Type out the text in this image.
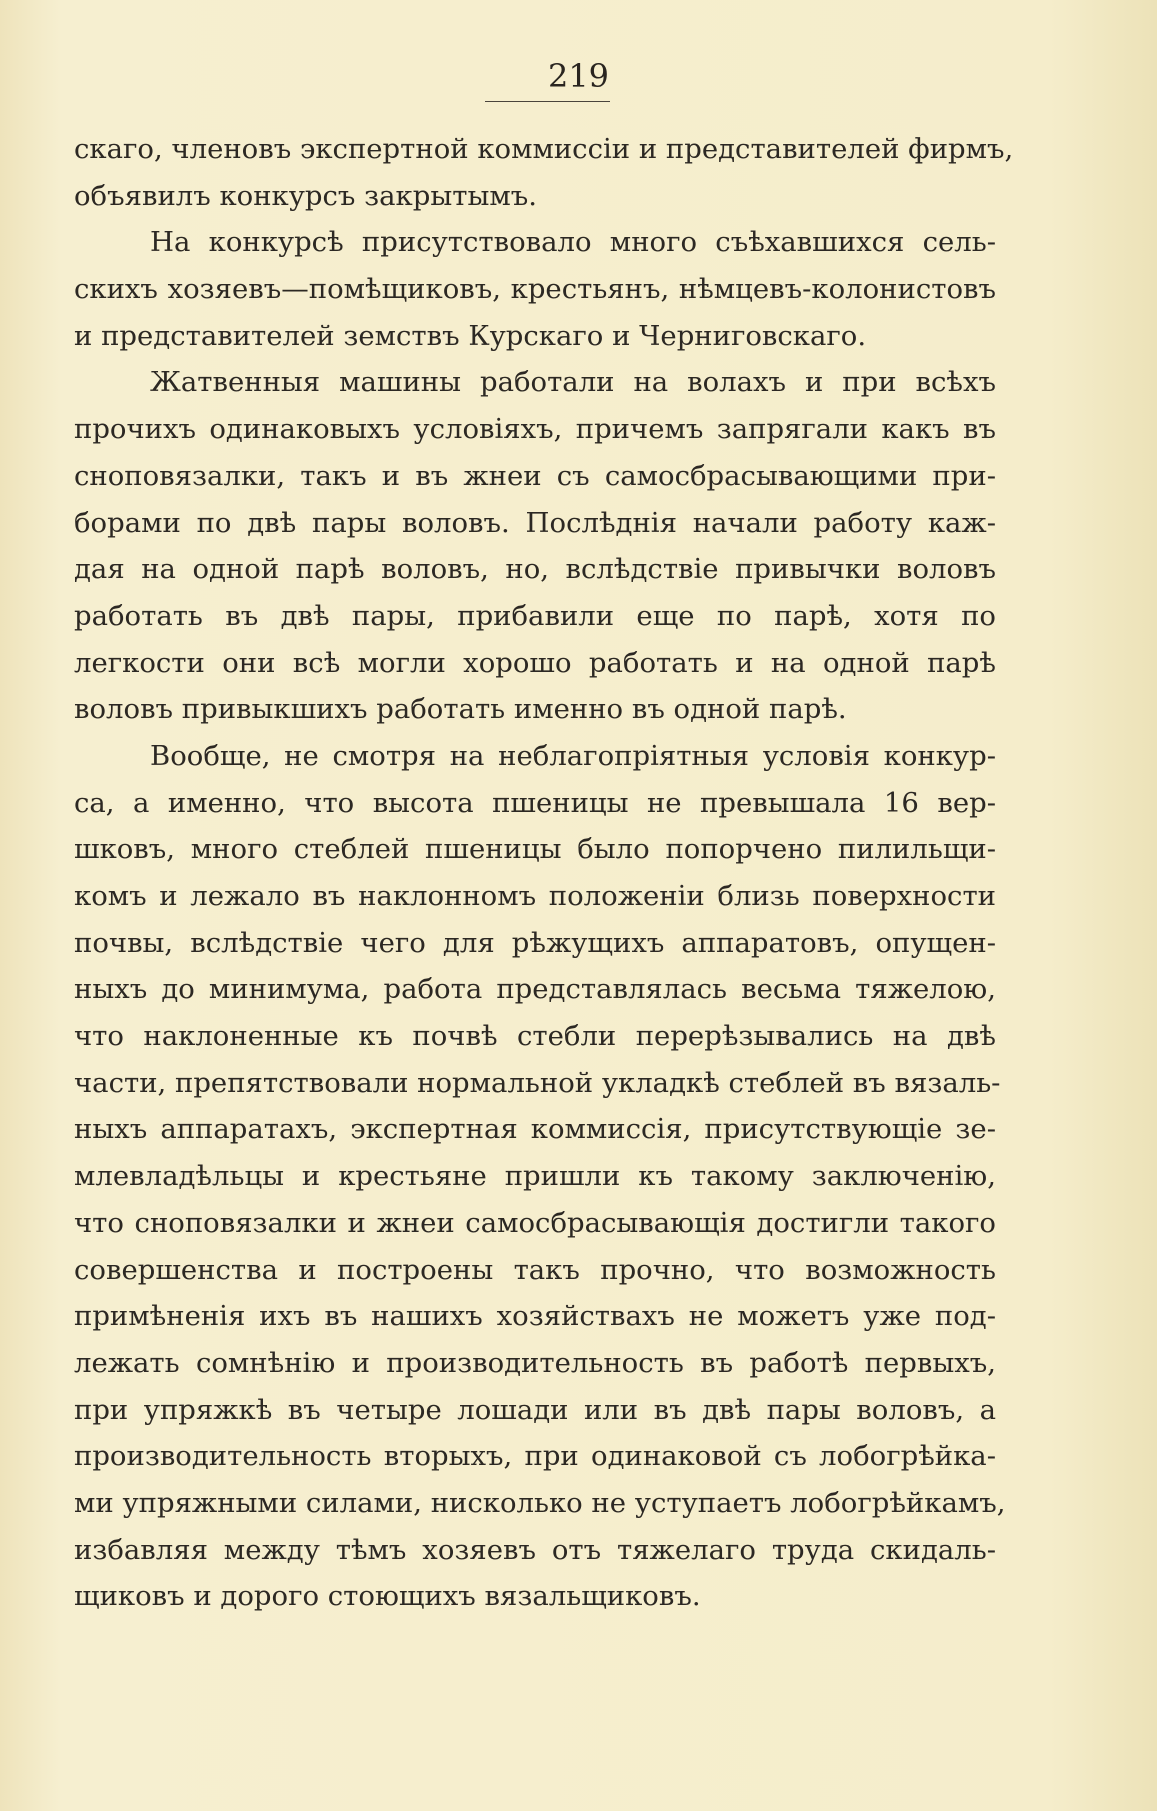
219
скаго, членовъ экспертной коммиссіи и представителей фирмъ,
объявилъ конкурсъ закрытымъ.
На конкурсѣ присутствовало много съѣхавшихся сель-
скихъ хозяевъ—помѣщиковъ, крестьянъ, нѣмцевъ-колонистовъ
и представителей земствъ Курскаго и Черниговскаго.
Жатвенныя машины работали на волахъ и при всѣхъ
прочихъ одинаковыхъ условіяхъ, причемъ запрягали какъ въ
сноповязалки, такъ и въ жнеи съ самосбрасывающими при-
борами по двѣ пары воловъ. Послѣднія начали работу каж-
дая на одной парѣ воловъ, но, вслѣдствіе привычки воловъ
работать въ двѣ пары, прибавили еще по парѣ, хотя по
легкости они всѣ могли хорошо работать и на одной парѣ
воловъ привыкшихъ работать именно въ одной парѣ.
Вообще, не смотря на неблагопріятныя условія конкур-
са, а именно, что высота пшеницы не превышала 16 вер-
шковъ, много стеблей пшеницы было попорчено пилильщи-
комъ и лежало въ наклонномъ положеніи близь поверхности
почвы, вслѣдствіе чего для рѣжущихъ аппаратовъ, опущен-
ныхъ до минимума, работа представлялась весьма тяжелою,
что наклоненные къ почвѣ стебли перерѣзывались на двѣ
части, препятствовали нормальной укладкѣ стеблей въ вязаль-
ныхъ аппаратахъ, экспертная коммиссія, присутствующіе зе-
млевладѣльцы и крестьяне пришли къ такому заключенію,
что сноповязалки и жнеи самосбрасывающія достигли такого
совершенства и построены такъ прочно, что возможность
примѣненія ихъ въ нашихъ хозяйствахъ не можетъ уже под-
лежать сомнѣнію и производительность въ работѣ первыхъ,
при упряжкѣ въ четыре лошади или въ двѣ пары воловъ, а
производительность вторыхъ, при одинаковой съ лобогрѣйка-
ми упряжными силами, нисколько не уступаетъ лобогрѣйкамъ,
избавляя между тѣмъ хозяевъ отъ тяжелаго труда скидаль-
щиковъ и дорого стоющихъ вязальщиковъ.
